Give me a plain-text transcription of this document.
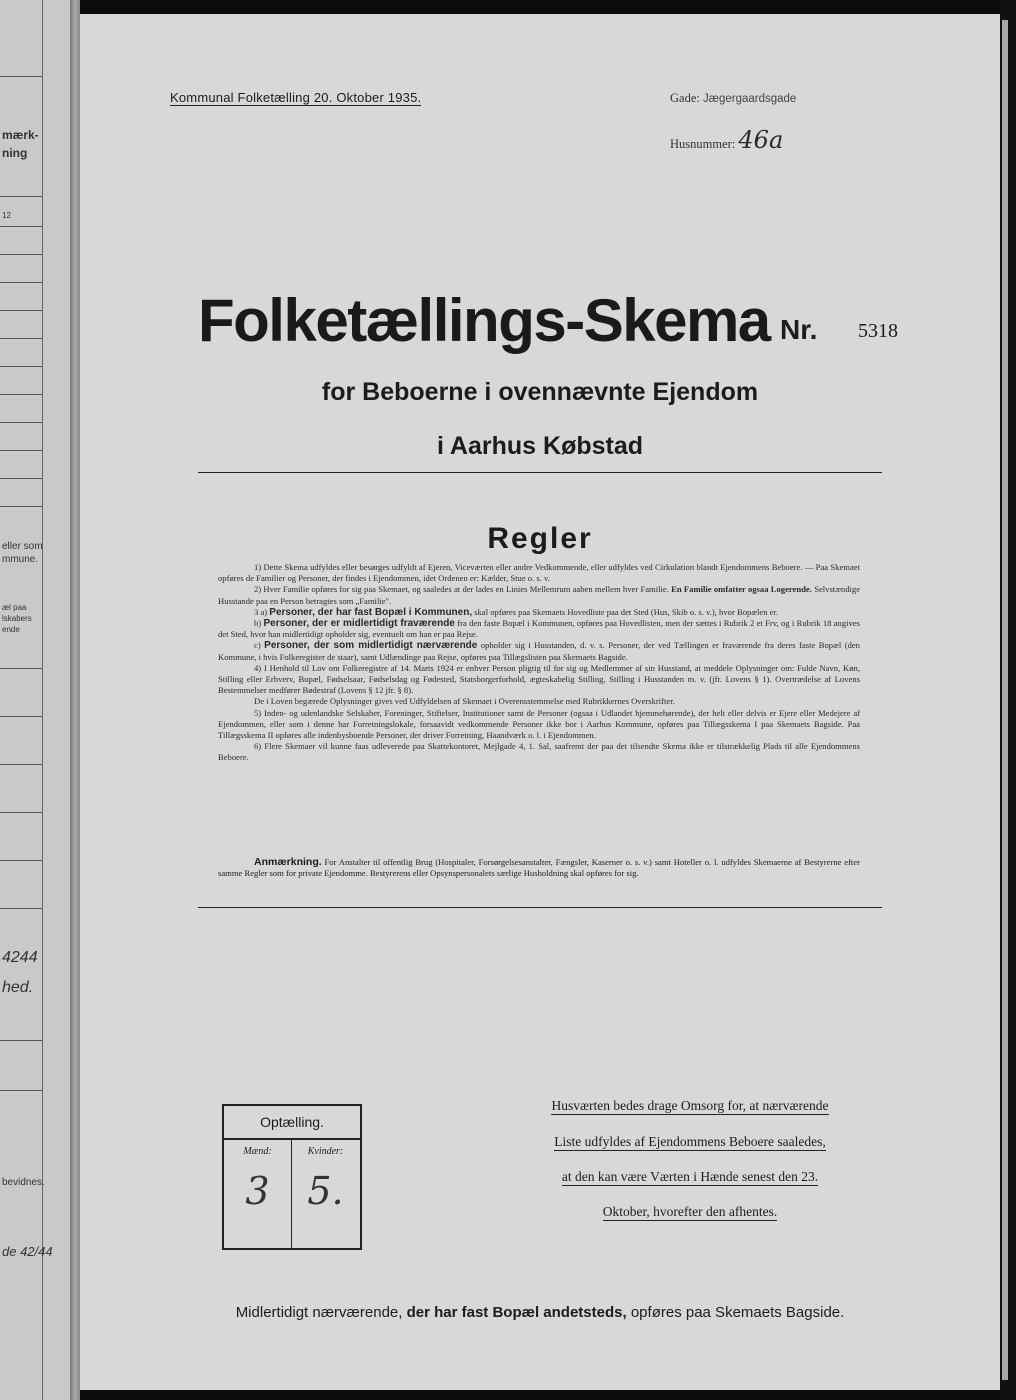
mærk-
ning
12
eller som
mmune.
æl paa
lskabers
ende
4244
hed.
bevidnes.
de 42/44
Kommunal Folketælling 20. Oktober 1935.	Gade: Jægergaardsgade
Husnummer: 46a
Folketællings-Skema Nr. 5318
for Beboerne i ovennævnte Ejendom
i Aarhus Købstad
Regler

1) Dette Skema udfyldes eller besørges udfyldt af Ejeren, Viceværten eller andre Vedkommende, eller udfyldes ved Cirkulation blandt Ejendommens Beboere. — Paa Skemaet opføres de Familier og Personer, der findes i Ejendommen, idet Ordenen er: Kælder, Stue o. s. v.

2) Hver Familie opføres for sig paa Skemaet, og saaledes at der lades en Linies Mellemrum aaben mellem hver Familie. En Familie omfatter ogsaa Logerende. Selvstændige Husstande paa en Person betragtes som „Familie".

3 a) Personer, der har fast Bopæl i Kommunen, skal opføres paa Skemaets Hovedliste paa det Sted (Hus, Skib o. s. v.), hvor Bopælen er.

b) Personer, der er midlertidigt fraværende fra den faste Bopæl i Kommunen, opføres paa Hovedlisten, men der sættes i Rubrik 2 et Frv, og i Rubrik 18 angives det Sted, hvor han midlertidigt opholder sig, eventuelt om han er paa Rejse.

c) Personer, der som midlertidigt nærværende opholder sig i Husstanden, d. v. s. Personer, der ved Tællingen er fraværende fra deres faste Bopæl (den Kommune, i hvis Folkeregister de staar), samt Udlændinge paa Rejse, opføres paa Tillægslisten paa Skemaets Bagside.

4) I Henhold til Lov om Folkeregistre af 14. Marts 1924 er enhver Person pligtig til for sig og Medlemmer af sin Husstand, at meddele Oplysninger om: Fulde Navn, Køn, Stilling eller Erhverv, Bopæl, Fødselsaar, Fødselsdag og Fødested, Statsborgerforhold, ægteskabelig Stilling, Stilling i Husstanden m. v. (jfr. Lovens § 1). Overtrædelse af Lovens Bestemmelser medfører Bødestraf (Lovens § 12 jfr. § 8).

De i Loven begærede Oplysninger gives ved Udfyldelsen af Skemaet i Overensstemmelse med Rubrikkernes Overskrifter.

5) Inden- og udenlandske Selskaber, Foreninger, Stiftelser, Institutioner samt de Personer (ogsaa i Udlandet hjemmehørende), der helt eller delvis er Ejere eller Medejere af Ejendommen, eller som i denne har Forretningslokale, forsaavidt vedkommende Personer ikke bor i Aarhus Kommune, opføres paa Tillægsskema I paa Skemaets Bagside. Paa Tillægsskema II opføres alle indenbysboende Personer, der driver Forretning, Haandværk o. l. i Ejendommen.

6) Flere Skemaer vil kunne faas udleverede paa Skattekontoret, Mejlgade 4, 1. Sal, saafremt der paa det tilsendte Skema ikke er tilstrækkelig Plads til alle Ejendommens Beboere.

Anmærkning. For Anstalter til offentlig Brug (Hospitaler, Forsørgelsesanstalter, Fængsler, Kaserner o. s. v.) samt Hoteller o. l. udfyldes Skemaerne af Bestyrerne efter samme Regler som for private Ejendomme. Bestyrerens eller Opsynspersonalets særlige Husholdning skal opføres for sig.

Optælling.
Mænd:
3
Kvinder:
5.
Husværten bedes drage Omsorg for, at nærværende
Liste udfyldes af Ejendommens Beboere saaledes,
at den kan være Værten i Hænde senest den 23.
Oktober, hvorefter den afhentes.
Midlertidigt nærværende, der har fast Bopæl andetsteds, opføres paa Skemaets Bagside.
